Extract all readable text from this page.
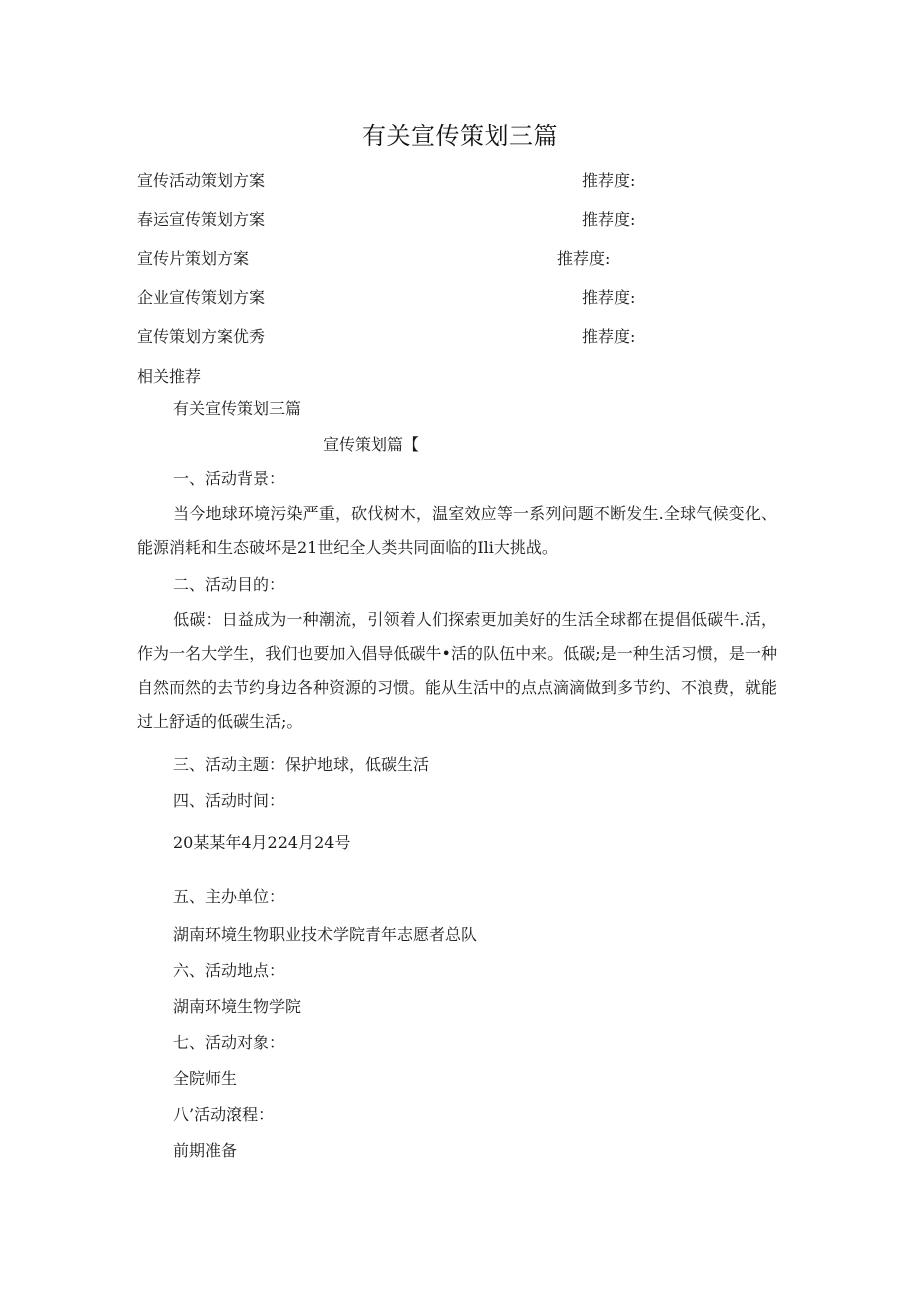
有关宣传策划三篇
宣传活动策划方案	推荐度:
春运宣传策划方案	推荐度:
宣传片策划方案	推荐度:
企业宣传策划方案	推荐度:
宣传策划方案优秀	推荐度:
相关推荐
有关宣传策划三篇
宣传策划篇【
一、活动背景：
当今地球环境污染严重，砍伐树木，温室效应等一系列问题不断发生.全球气候变化、能源消耗和生态破坏是21世纪全人类共同面临的Ili大挑战。
二、活动目的：
低碳：日益成为一种潮流，引领着人们探索更加美好的生活全球都在提倡低碳牛.活，作为一名大学生，我们也要加入倡导低碳牛•活的队伍中来。低碳;是一种生活习惯，是一种自然而然的去节约身边各种资源的习惯。能从生活中的点点滴滴做到多节约、不浪费，就能过上舒适的低碳生活;。
三、活动主题：保护地球，低碳生活
四、活动时间：
20某某年4月224月24号
五、主办单位：
湖南环境生物职业技术学院青年志愿者总队
六、活动地点：
湖南环境生物学院
七、活动对象：
全院师生
八’活动滾程：
前期准备
